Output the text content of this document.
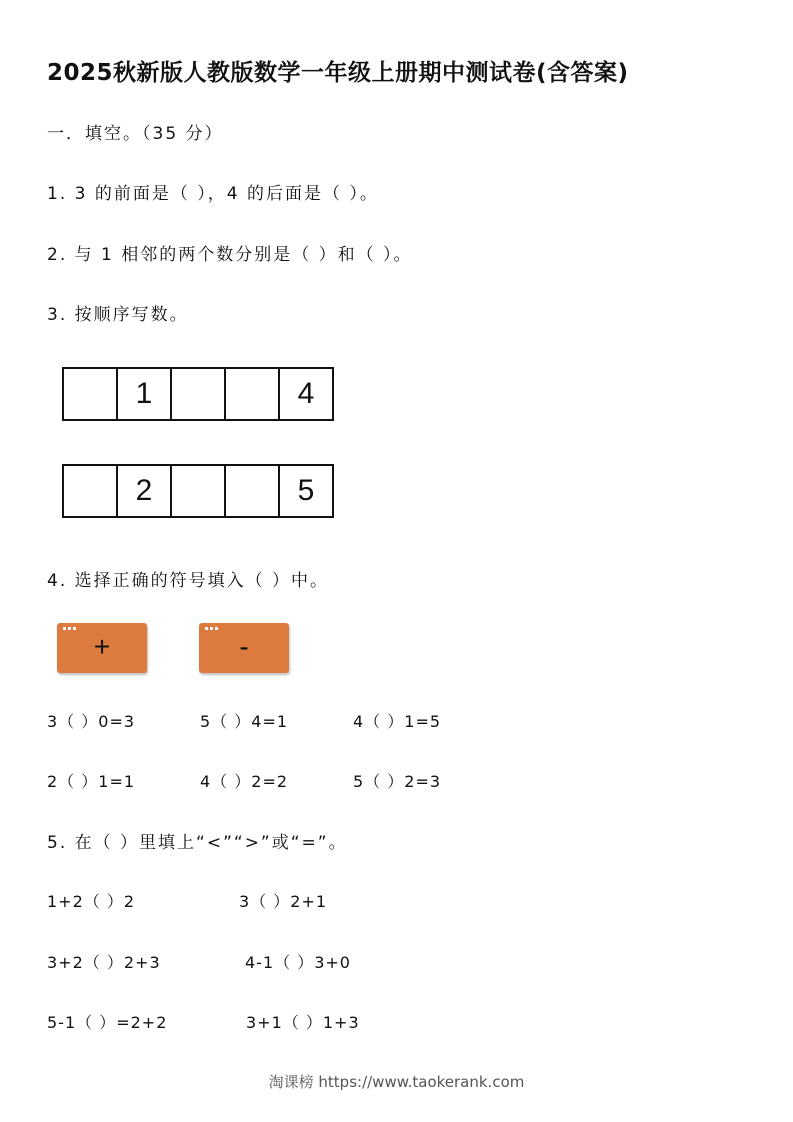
2025秋新版人教版数学一年级上册期中测试卷(含答案)
一．填空。（35 分）
1. 3 的前面是（ ），4 的后面是（ ）。
2. 与 1 相邻的两个数分别是（ ）和（ ）。
3. 按顺序写数。
1	4
2	5
4. 选择正确的符号填入（ ）中。
+	-
3（ ）0=3	5（ ）4=1	4（ ）1=5
2（ ）1=1	4（ ）2=2	5（ ）2=3
5. 在（ ）里填上“<”“>”或“=”。
1+2（ ）2	3（ ）2+1
3+2（ ）2+3	4-1（ ）3+0
5-1（ ）=2+2	3+1（ ）1+3
淘课榜 https://www.taokerank.com
